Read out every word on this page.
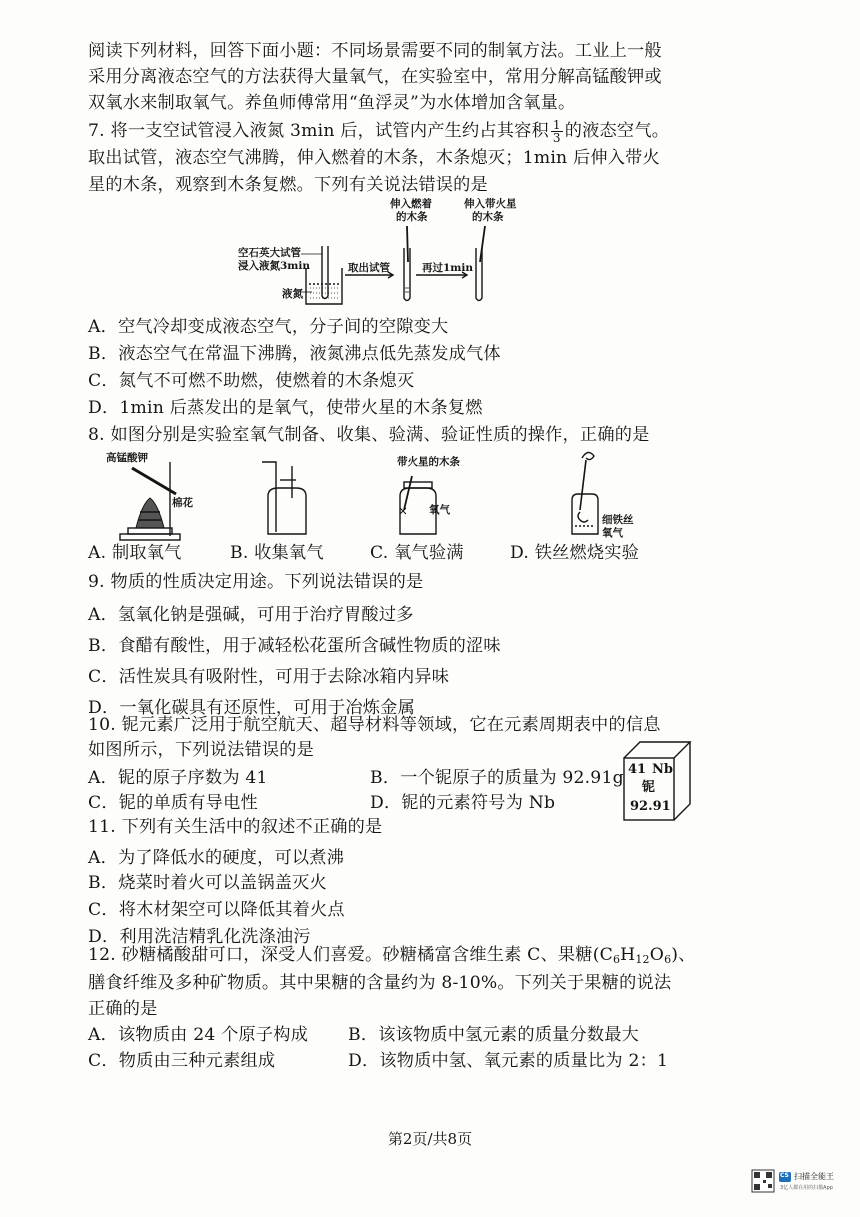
阅读下列材料，回答下面小题：不同场景需要不同的制氧方法。工业上一般
采用分离液态空气的方法获得大量氧气，在实验室中，常用分解高锰酸钾或
双氧水来制取氧气。养鱼师傅常用“鱼浮灵”为水体增加含氧量。
7. 将一支空试管浸入液氮 3min 后，试管内产生约占其容积 $\frac{1}{3}$ 的液态空气。
取出试管，液态空气沸腾，伸入燃着的木条，木条熄灭；1min 后伸入带火
星的木条，观察到木条复燃。下列有关说法错误的是
空石英大试管
浸入液氮3min
液氮
取出试管	再过1min
伸入燃着
的木条
伸入带火星
的木条
A．空气冷却变成液态空气，分子间的空隙变大
B．液态空气在常温下沸腾，液氮沸点低先蒸发成气体
C．氮气不可燃不助燃，使燃着的木条熄灭
D．1min 后蒸发出的是氧气，使带火星的木条复燃
8. 如图分别是实验室氧气制备、收集、验满、验证性质的操作，正确的是
高锰酸钾
棉花
带火星的木条
氧气
细铁丝
氧气
A. 制取氧气	B. 收集氧气	C. 氧气验满	D. 铁丝燃烧实验
9. 物质的性质决定用途。下列说法错误的是
A．氢氧化钠是强碱，可用于治疗胃酸过多
B．食醋有酸性，用于减轻松花蛋所含碱性物质的涩味
C．活性炭具有吸附性，可用于去除冰箱内异味
D．一氧化碳具有还原性，可用于冶炼金属
10. 铌元素广泛用于航空航天、超导材料等领域，它在元素周期表中的信息
如图所示，下列说法错误的是
A．铌的原子序数为 41	B．一个铌原子的质量为 92.91g
C．铌的单质有导电性	D．铌的元素符号为 Nb
41 Nb
铌
92.91
11. 下列有关生活中的叙述不正确的是
A．为了降低水的硬度，可以煮沸
B．烧菜时着火可以盖锅盖灭火
C．将木材架空可以降低其着火点
D．利用洗洁精乳化洗涤油污
12. 砂糖橘酸甜可口，深受人们喜爱。砂糖橘富含维生素 C、果糖$(C_6H_{12}O_6)$、
膳食纤维及多种矿物质。其中果糖的含量约为 8-10%。下列关于果糖的说法
正确的是
A．该物质由 24 个原子构成 B．该该物质中氢元素的质量分数最大
C．物质由三种元素组成	D．该物质中氢、氧元素的质量比为 2：1
第2页/共8页
CS 扫描全能王
3亿人都在用的扫描App
